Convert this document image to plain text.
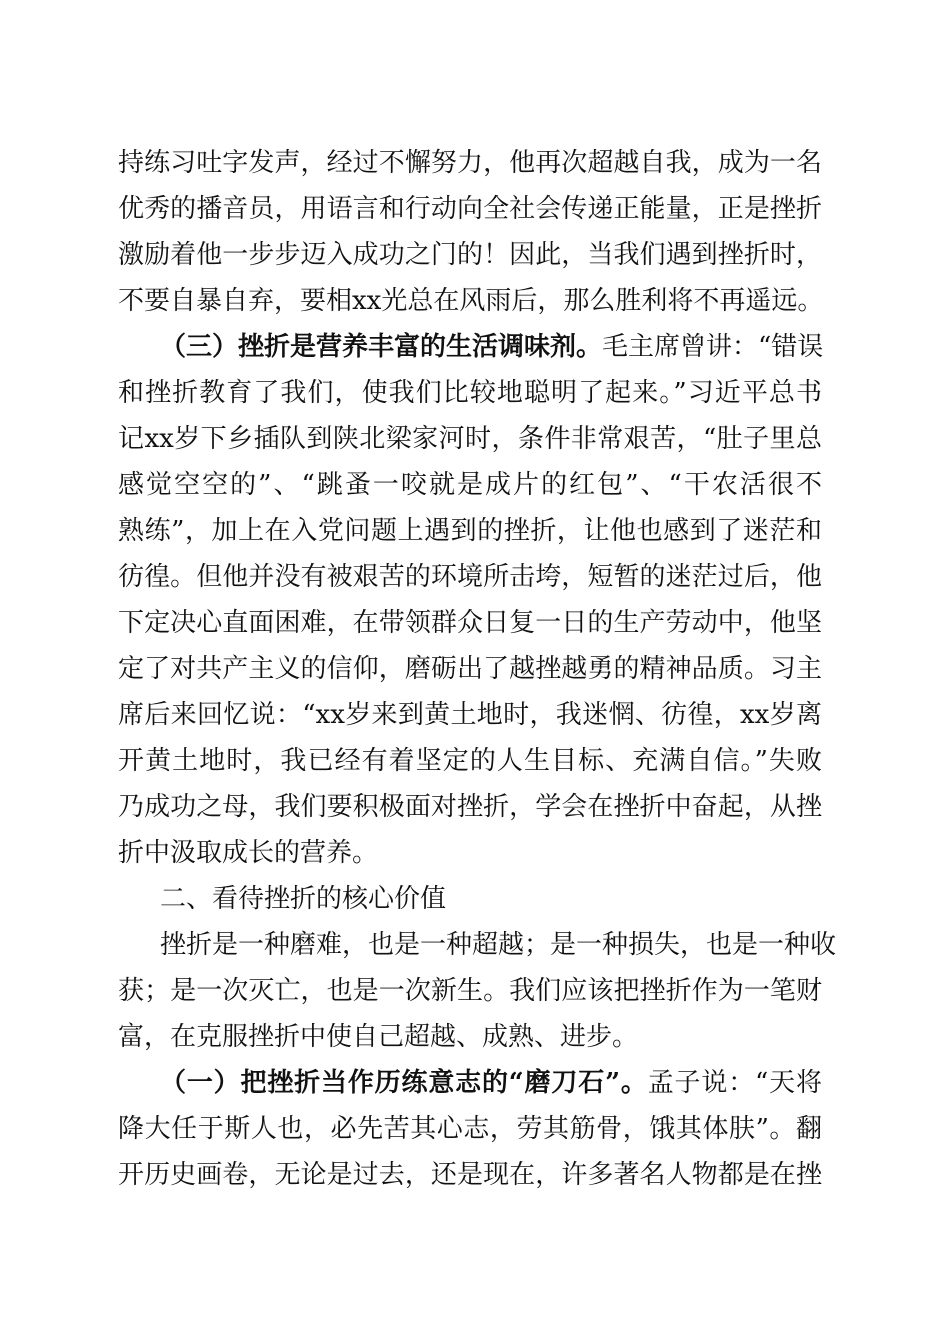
持练习吐字发声，经过不懈努力，他再次超越自我，成为一名
优秀的播音员，用语言和行动向全社会传递正能量，正是挫折
激励着他一步步迈入成功之门的！因此，当我们遇到挫折时，
不要自暴自弃，要相xx光总在风雨后，那么胜利将不再遥远。
（三）挫折是营养丰富的生活调味剂。毛主席曾讲：“错误
和挫折教育了我们，使我们比较地聪明了起来。”习近平总书
记xx岁下乡插队到陕北梁家河时，条件非常艰苦，“肚子里总
感觉空空的”、“跳蚤一咬就是成片的红包”、“干农活很不
熟练”，加上在入党问题上遇到的挫折，让他也感到了迷茫和
彷徨。但他并没有被艰苦的环境所击垮，短暂的迷茫过后，他
下定决心直面困难，在带领群众日复一日的生产劳动中，他坚
定了对共产主义的信仰，磨砺出了越挫越勇的精神品质。习主
席后来回忆说：“xx岁来到黄土地时，我迷惘、彷徨，xx岁离
开黄土地时，我已经有着坚定的人生目标、充满自信。”失败
乃成功之母，我们要积极面对挫折，学会在挫折中奋起，从挫
折中汲取成长的营养。
二、看待挫折的核心价值
挫折是一种磨难，也是一种超越；是一种损失，也是一种收
获；是一次灭亡，也是一次新生。我们应该把挫折作为一笔财
富，在克服挫折中使自己超越、成熟、进步。
（一）把挫折当作历练意志的“磨刀石”。孟子说：“天将
降大任于斯人也，必先苦其心志，劳其筋骨，饿其体肤”。翻
开历史画卷，无论是过去，还是现在，许多著名人物都是在挫
